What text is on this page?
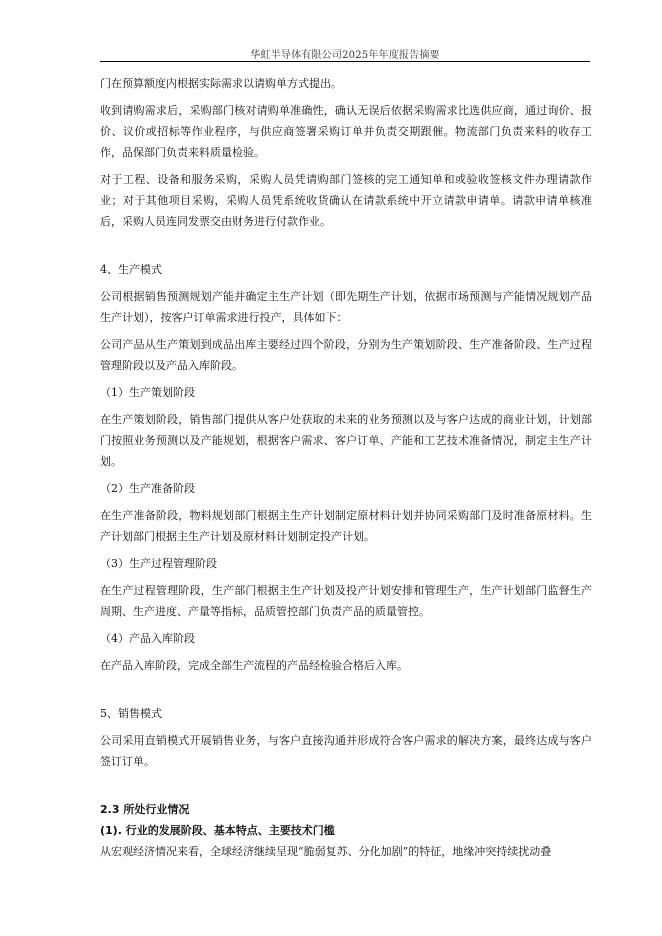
华虹半导体有限公司2025年年度报告摘要

门在预算额度内根据实际需求以请购单方式提出。

收到请购需求后，采购部门核对请购单准确性，确认无误后依据采购需求比选供应商，通过询价、报价、议价或招标等作业程序，与供应商签署采购订单并负责交期跟催。物流部门负责来料的收存工作，品保部门负责来料质量检验。

对于工程、设备和服务采购，采购人员凭请购部门签核的完工通知单和或验收签核文件办理请款作业；对于其他项目采购，采购人员凭系统收货确认在请款系统中开立请款申请单。请款申请单核准后，采购人员连同发票交由财务进行付款作业。

4、生产模式

公司根据销售预测规划产能并确定主生产计划（即先期生产计划，依据市场预测与产能情况规划产品生产计划），按客户订单需求进行投产，具体如下：

公司产品从生产策划到成品出库主要经过四个阶段，分别为生产策划阶段、生产准备阶段、生产过程管理阶段以及产品入库阶段。

（1）生产策划阶段

在生产策划阶段，销售部门提供从客户处获取的未来的业务预测以及与客户达成的商业计划，计划部门按照业务预测以及产能规划，根据客户需求、客户订单、产能和工艺技术准备情况，制定主生产计划。

（2）生产准备阶段

在生产准备阶段，物料规划部门根据主生产计划制定原材料计划并协同采购部门及时准备原材料。生产计划部门根据主生产计划及原材料计划制定投产计划。

（3）生产过程管理阶段

在生产过程管理阶段，生产部门根据主生产计划及投产计划安排和管理生产，生产计划部门监督生产周期、生产进度、产量等指标，品质管控部门负责产品的质量管控。

（4）产品入库阶段

在产品入库阶段，完成全部生产流程的产品经检验合格后入库。

5、销售模式

公司采用直销模式开展销售业务，与客户直接沟通并形成符合客户需求的解决方案，最终达成与客户签订订单。

2.3 所处行业情况

(1). 行业的发展阶段、基本特点、主要技术门槛

从宏观经济情况来看，全球经济继续呈现“脆弱复苏、分化加剧”的特征，地缘冲突持续扰动叠
